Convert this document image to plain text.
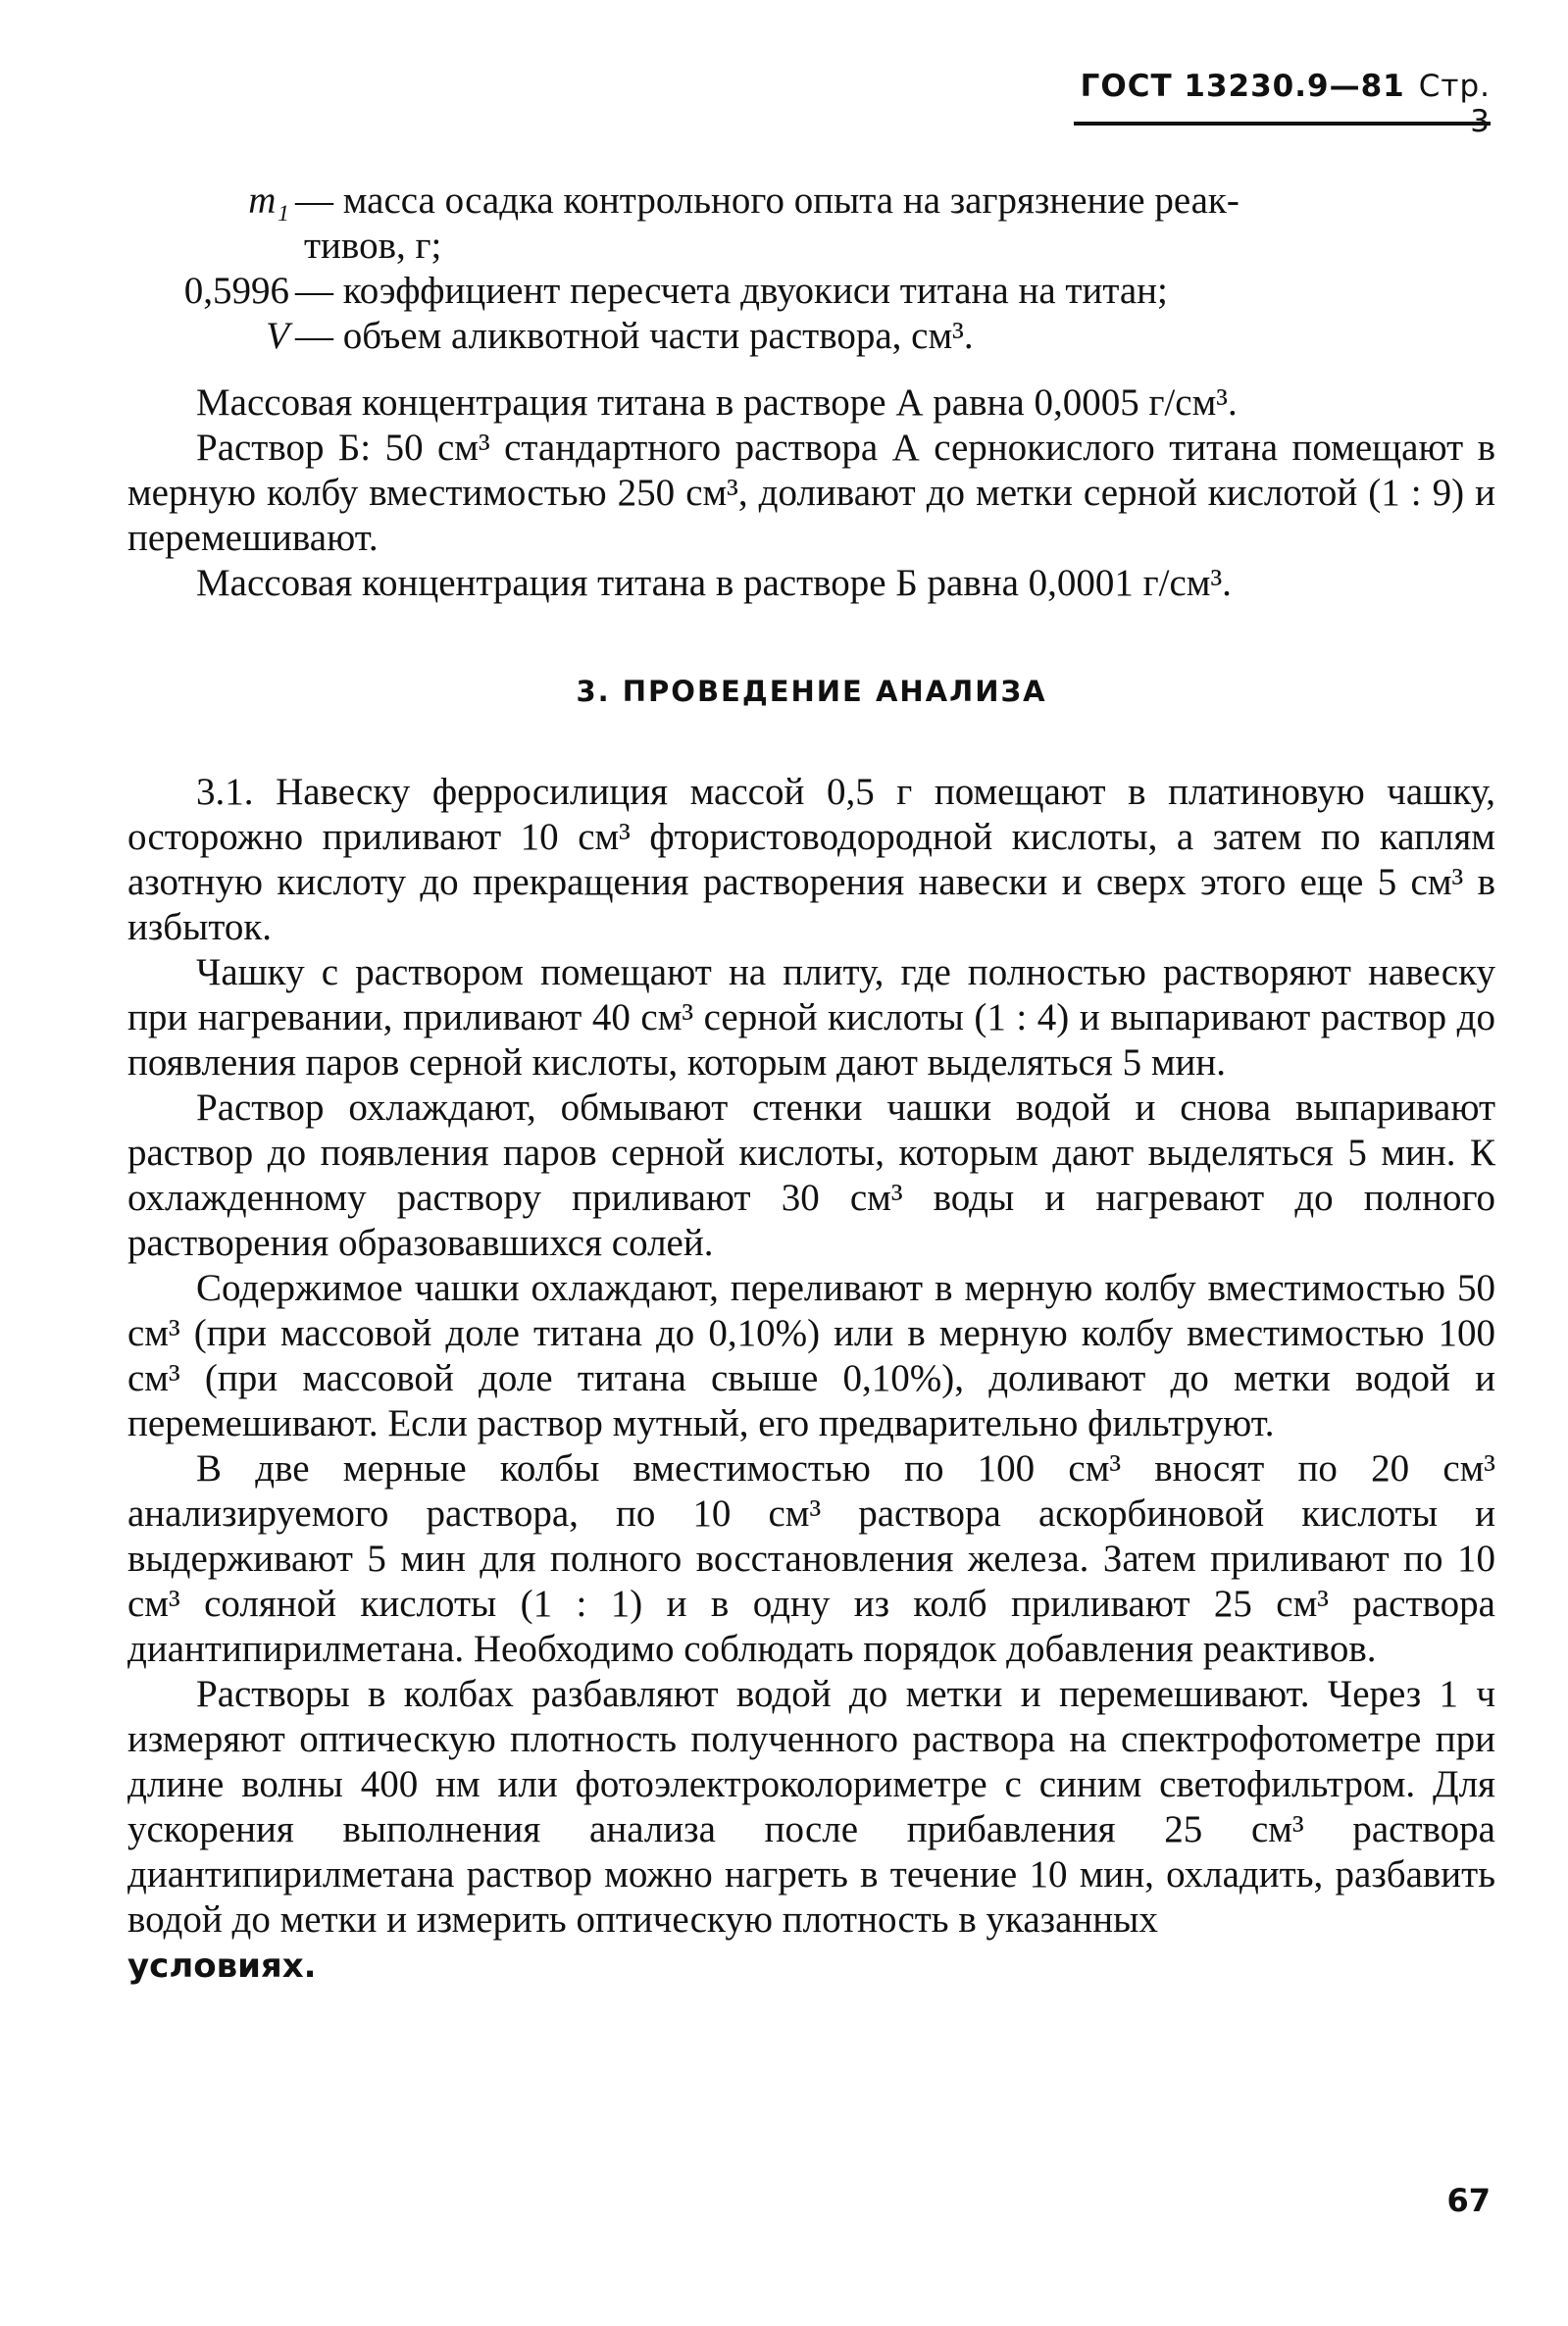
ГОСТ 13230.9—81 Стр.
m₁ — масса осадка контрольного опыта на загрязнение реак-
тивов, г;
0,5996 — коэффициент пересчета двуокиси титана на титан;
V — объем аликвотной части раствора, см³.

Массовая концентрация титана в растворе А равна 0,0005 г/см³.

Раствор Б: 50 см³ стандартного раствора А сернокислого титана помещают в мерную колбу вместимостью 250 см³, доливают до метки серной кислотой (1 : 9) и перемешивают.

Массовая концентрация титана в растворе Б равна 0,0001 г/см³.

3. ПРОВЕДЕНИЕ АНАЛИЗА

3.1. Навеску ферросилиция массой 0,5 г помещают в платиновую чашку, осторожно приливают 10 см³ фтористоводородной кислоты, а затем по каплям азотную кислоту до прекращения растворения навески и сверх этого еще 5 см³ в избыток.

Чашку с раствором помещают на плиту, где полностью растворяют навеску при нагревании, приливают 40 см³ серной кислоты (1 : 4) и выпаривают раствор до появления паров серной кислоты, которым дают выделяться 5 мин.

Раствор охлаждают, обмывают стенки чашки водой и снова выпаривают раствор до появления паров серной кислоты, которым дают выделяться 5 мин. К охлажденному раствору приливают 30 см³ воды и нагревают до полного растворения образовавшихся солей.

Содержимое чашки охлаждают, переливают в мерную колбу вместимостью 50 см³ (при массовой доле титана до 0,10%) или в мерную колбу вместимостью 100 см³ (при массовой доле титана свыше 0,10%), доливают до метки водой и перемешивают. Если раствор мутный, его предварительно фильтруют.

В две мерные колбы вместимостью по 100 см³ вносят по 20 см³ анализируемого раствора, по 10 см³ раствора аскорбиновой кислоты и выдерживают 5 мин для полного восстановления железа. Затем приливают по 10 см³ соляной кислоты (1 : 1) и в одну из колб приливают 25 см³ раствора диантипирилметана. Необходимо соблюдать порядок добавления реактивов.

Растворы в колбах разбавляют водой до метки и перемешивают. Через 1 ч измеряют оптическую плотность полученного раствора на спектрофотометре при длине волны 400 нм или фотоэлектроколориметре с синим светофильтром. Для ускорения выполнения анализа после прибавления 25 см³ раствора диантипирилметана раствор можно нагреть в течение 10 мин, охладить, разбавить водой до метки и измерить оптическую плотность в указанных
условиях.

67
